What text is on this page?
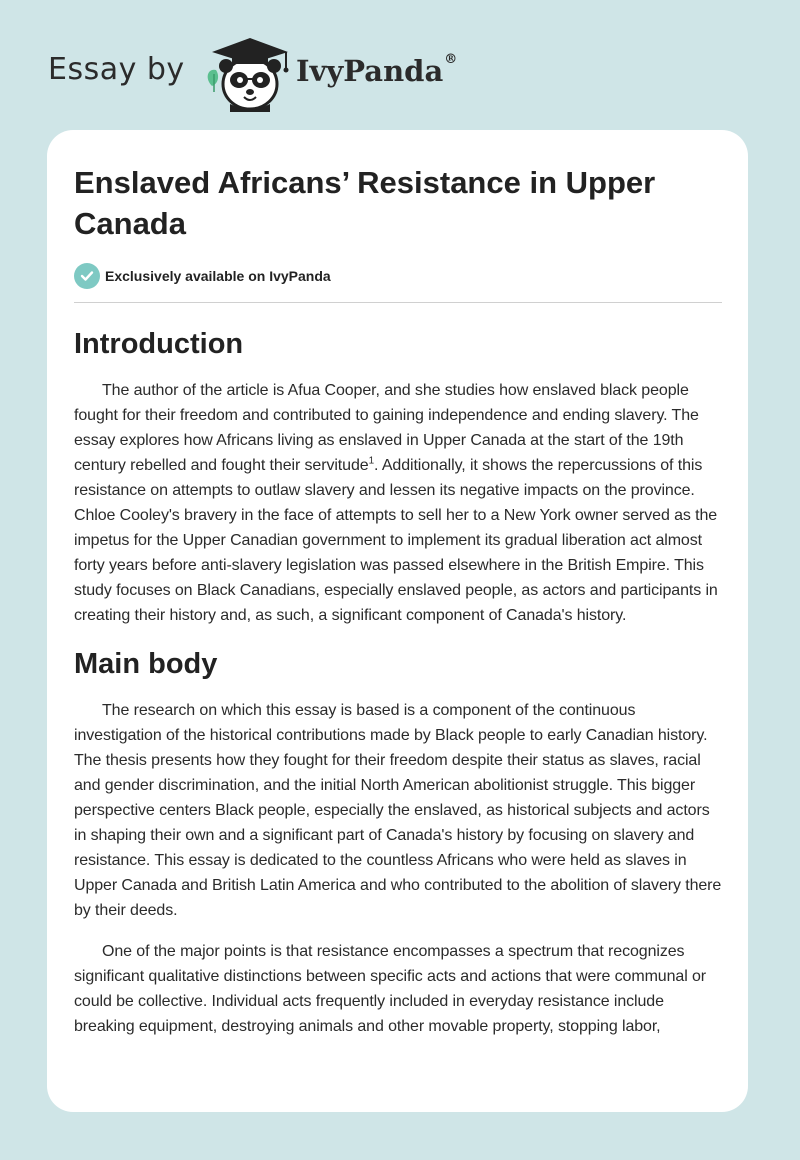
Essay by	IvyPanda®
Enslaved Africans’ Resistance in Upper Canada
Exclusively available on IvyPanda
Introduction

The author of the article is Afua Cooper, and she studies how enslaved black people fought for their freedom and contributed to gaining independence and ending slavery. The essay explores how Africans living as enslaved in Upper Canada at the start of the 19th century rebelled and fought their servitude$^1$. Additionally, it shows the repercussions of this resistance on attempts to outlaw slavery and lessen its negative impacts on the province. Chloe Cooley's bravery in the face of attempts to sell her to a New York owner served as the impetus for the Upper Canadian government to implement its gradual liberation act almost forty years before anti-slavery legislation was passed elsewhere in the British Empire. This study focuses on Black Canadians, especially enslaved people, as actors and participants in creating their history and, as such, a significant component of Canada's history.

Main body

The research on which this essay is based is a component of the continuous investigation of the historical contributions made by Black people to early Canadian history. The thesis presents how they fought for their freedom despite their status as slaves, racial and gender discrimination, and the initial North American abolitionist struggle. This bigger perspective centers Black people, especially the enslaved, as historical subjects and actors in shaping their own and a significant part of Canada's history by focusing on slavery and resistance. This essay is dedicated to the countless Africans who were held as slaves in Upper Canada and British Latin America and who contributed to the abolition of slavery there by their deeds.

One of the major points is that resistance encompasses a spectrum that recognizes significant qualitative distinctions between specific acts and actions that were communal or could be collective. Individual acts frequently included in everyday resistance include breaking equipment, destroying animals and other movable property, stopping labor,
